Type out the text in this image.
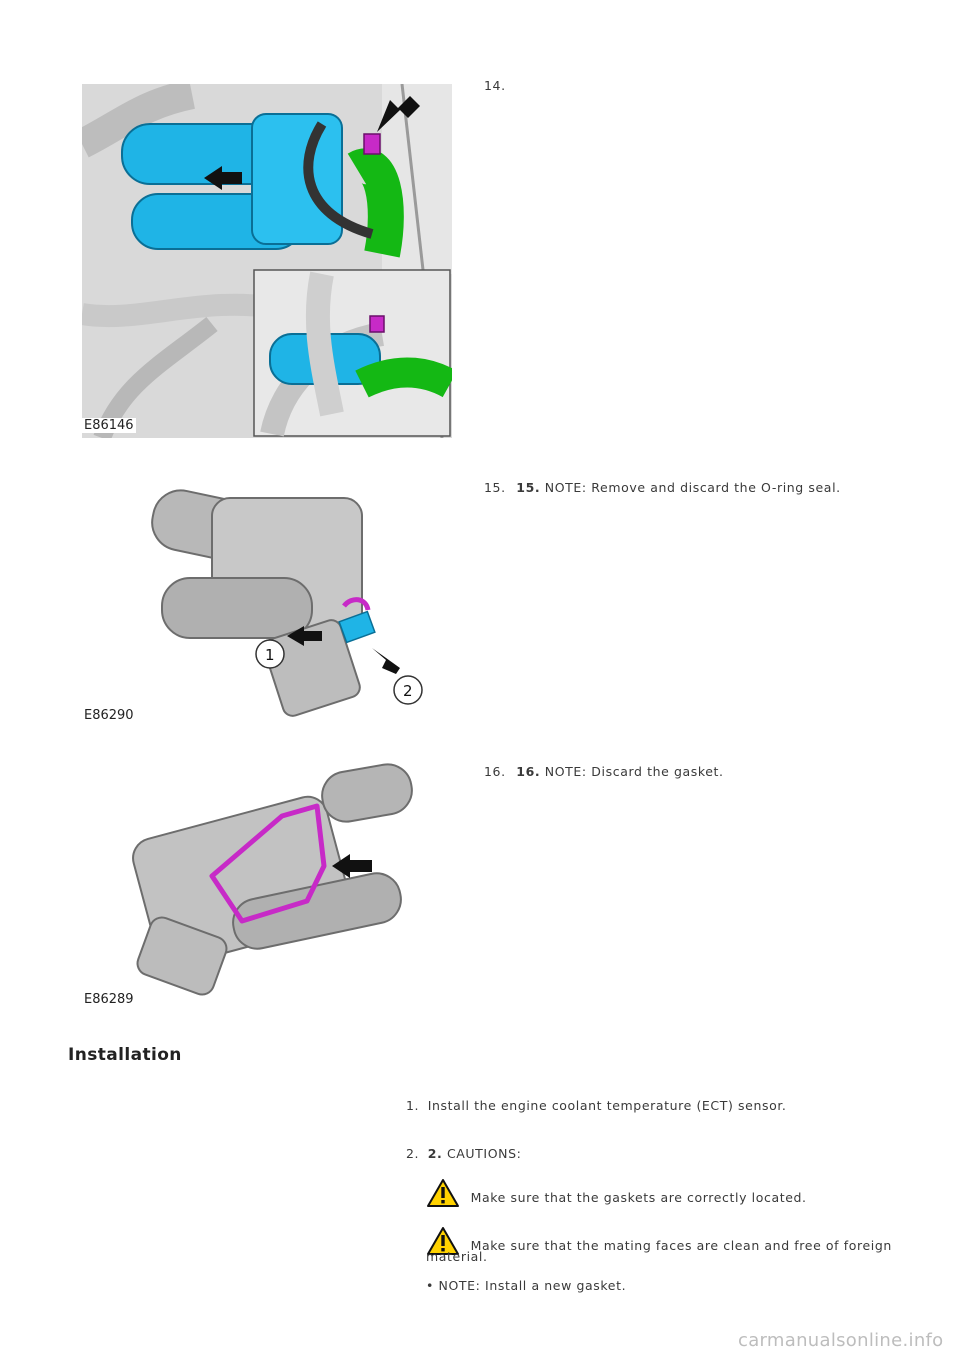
E86146
14.
1
2
E86290
15. 15. NOTE: Remove and discard the O-ring seal.
E86289
16. 16. NOTE: Discard the gasket.
Installation
1. Install the engine coolant temperature (ECT) sensor.
2. 2. CAUTIONS:
Make sure that the gaskets are correctly located.
Make sure that the mating faces are clean and free of foreign
material.
• NOTE: Install a new gasket.
carmanualsonline.info
